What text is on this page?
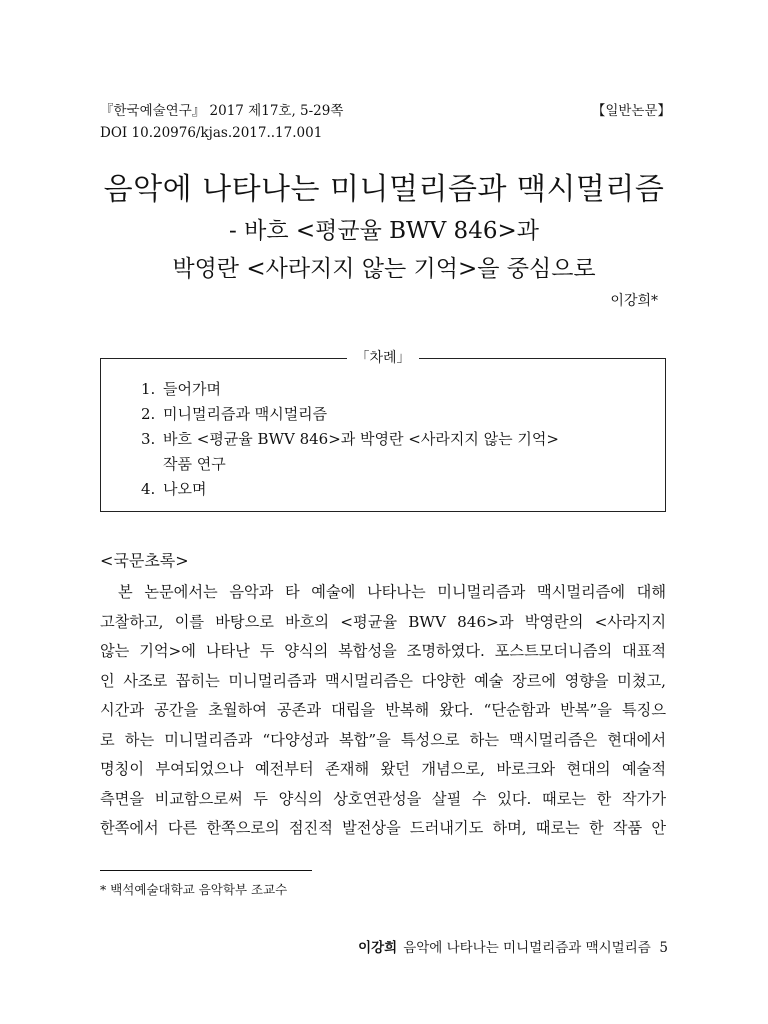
『한국예술연구』 2017 제17호, 5-29쪽
DOI 10.20976/kjas.2017..17.001
【일반논문】
음악에 나타나는 미니멀리즘과 맥시멀리즘
- 바흐 <평균율 BWV 846>과
박영란 <사라지지 않는 기억>을 중심으로
이강희*
「차례」
1. 들어가며
2. 미니멀리즘과 맥시멀리즘
3. 바흐 <평균율 BWV 846>과 박영란 <사라지지 않는 기억>
작품 연구
4. 나오며
<국문초록>
본 논문에서는 음악과 타 예술에 나타나는 미니멀리즘과 맥시멀리즘에 대해
고찰하고, 이를 바탕으로 바흐의 <평균율 BWV 846>과 박영란의 <사라지지
않는 기억>에 나타난 두 양식의 복합성을 조명하였다. 포스트모더니즘의 대표적
인 사조로 꼽히는 미니멀리즘과 맥시멀리즘은 다양한 예술 장르에 영향을 미쳤고,
시간과 공간을 초월하여 공존과 대립을 반복해 왔다. “단순함과 반복”을 특징으
로 하는 미니멀리즘과 “다양성과 복합”을 특성으로 하는 맥시멀리즘은 현대에서
명칭이 부여되었으나 예전부터 존재해 왔던 개념으로, 바로크와 현대의 예술적
측면을 비교함으로써 두 양식의 상호연관성을 살필 수 있다. 때로는 한 작가가
한쪽에서 다른 한쪽으로의 점진적 발전상을 드러내기도 하며, 때로는 한 작품 안
* 백석예술대학교 음악학부 조교수
이강희 음악에 나타나는 미니멀리즘과 맥시멀리즘 5
